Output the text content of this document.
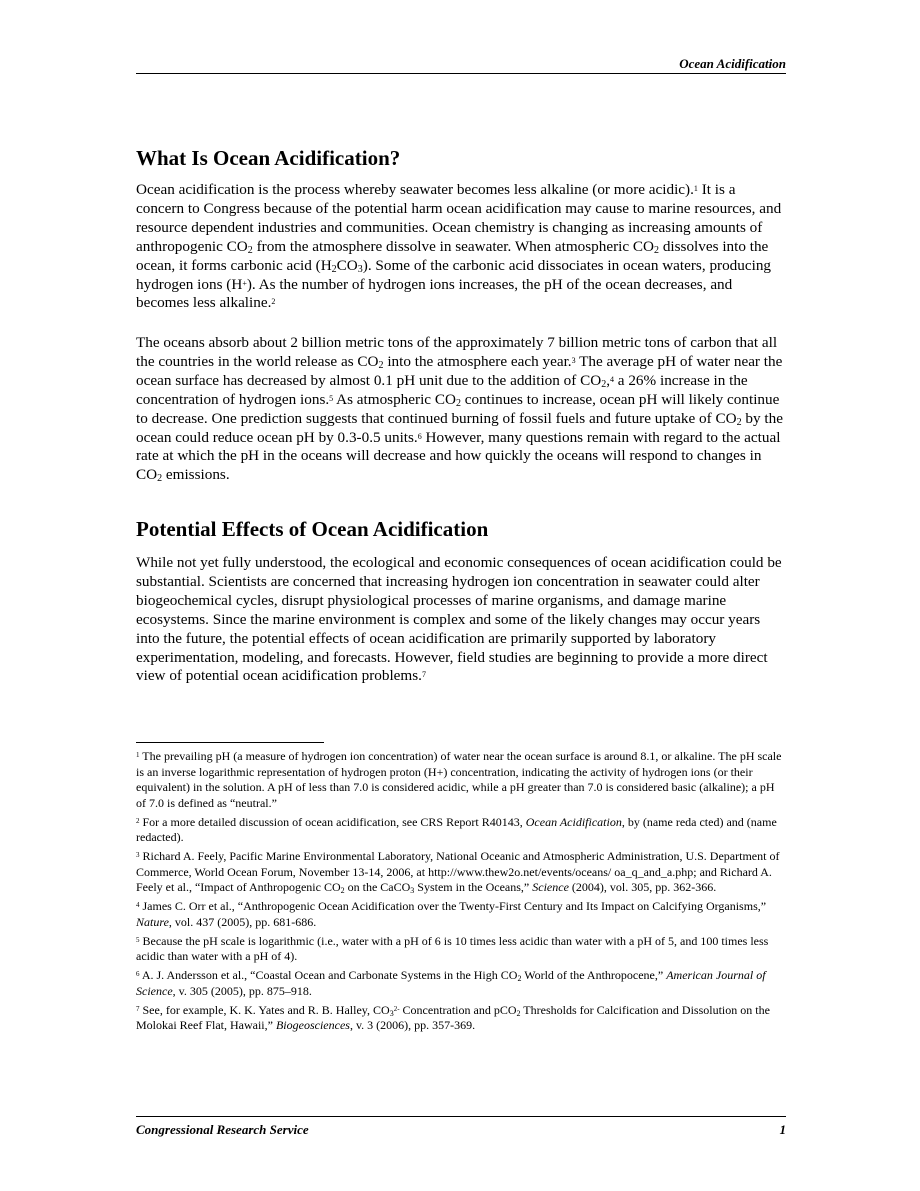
Ocean Acidification
What Is Ocean Acidification?

Ocean acidification is the process whereby seawater becomes less alkaline (or more acidic).$^1$ It is a concern to Congress because of the potential harm ocean acidification may cause to marine resources, and resource dependent industries and communities. Ocean chemistry is changing as increasing amounts of anthropogenic $CO_2$ from the atmosphere dissolve in seawater. When atmospheric $CO_2$ dissolves into the ocean, it forms carbonic acid $(H_2CO_3)$. Some of the carbonic acid dissociates in ocean waters, producing hydrogen ions (H+). As the number of hydrogen ions increases, the pH of the ocean decreases, and becomes less alkaline.$^2$

The oceans absorb about 2 billion metric tons of the approximately 7 billion metric tons of carbon that all the countries in the world release as $CO_2$ into the atmosphere each year.$^3$ The average pH of water near the ocean surface has decreased by almost 0.1 pH unit due to the addition of $CO_2,^4$ a 26% increase in the concentration of hydrogen ions.$^5$ As atmospheric $CO_2$ continues to increase, ocean pH will likely continue to decrease. One prediction suggests that continued burning of fossil fuels and future uptake of $CO_2$ by the ocean could reduce ocean pH by 0.3-0.5 units.$^6$ However, many questions remain with regard to the actual rate at which the pH in the oceans will decrease and how quickly the oceans will respond to changes in $CO_2$ emissions.

Potential Effects of Ocean Acidification

While not yet fully understood, the ecological and economic consequences of ocean acidification could be substantial. Scientists are concerned that increasing hydrogen ion concentration in seawater could alter biogeochemical cycles, disrupt physiological processes of marine organisms, and damage marine ecosystems. Since the marine environment is complex and some of the likely changes may occur years into the future, the potential effects of ocean acidification are primarily supported by laboratory experimentation, modeling, and forecasts. However, field studies are beginning to provide a more direct view of potential ocean acidification problems.$^7$

$^1$ The prevailing pH (a measure of hydrogen ion concentration) of water near the ocean surface is around 8.1, or alkaline. The pH scale is an inverse logarithmic representation of hydrogen proton (H+) concentration, indicating the activity of hydrogen ions (or their equivalent) in the solution. A pH of less than 7.0 is considered acidic, while a pH greater than 7.0 is considered basic (alkaline); a pH of 7.0 is defined as “neutral.”

$^2$ For a more detailed discussion of ocean acidification, see CRS Report R40143, Ocean Acidification, by (name reda cted) and (name redacted).

$^3$ Richard A. Feely, Pacific Marine Environmental Laboratory, National Oceanic and Atmospheric Administration, U.S. Department of Commerce, World Ocean Forum, November 13-14, 2006, at http://www.thew2o.net/events/oceans/ oa_q_and_a.php; and Richard A. Feely et al., “Impact of Anthropogenic $CO_2$ on the CaCO$_3$ System in the Oceans,” Science (2004), vol. 305, pp. 362-366.

$^4$ James C. Orr et al., “Anthropogenic Ocean Acidification over the Twenty-First Century and Its Impact on Calcifying Organisms,” Nature, vol. 437 (2005), pp. 681-686.

$^5$ Because the pH scale is logarithmic (i.e., water with a pH of 6 is 10 times less acidic than water with a pH of 5, and 100 times less acidic than water with a pH of 4).

$^6$ A. J. Andersson et al., “Coastal Ocean and Carbonate Systems in the High $CO_2$ World of the Anthropocene,” American Journal of Science, v. 305 (2005), pp. 875–918.

$^7$ See, for example, K. K. Yates and R. B. Halley, $CO_3^{2-}$ Concentration and pCO$_2$ Thresholds for Calcification and Dissolution on the Molokai Reef Flat, Hawaii,” Biogeosciences, v. 3 (2006), pp. 357-369.

Congressional Research Service	1
